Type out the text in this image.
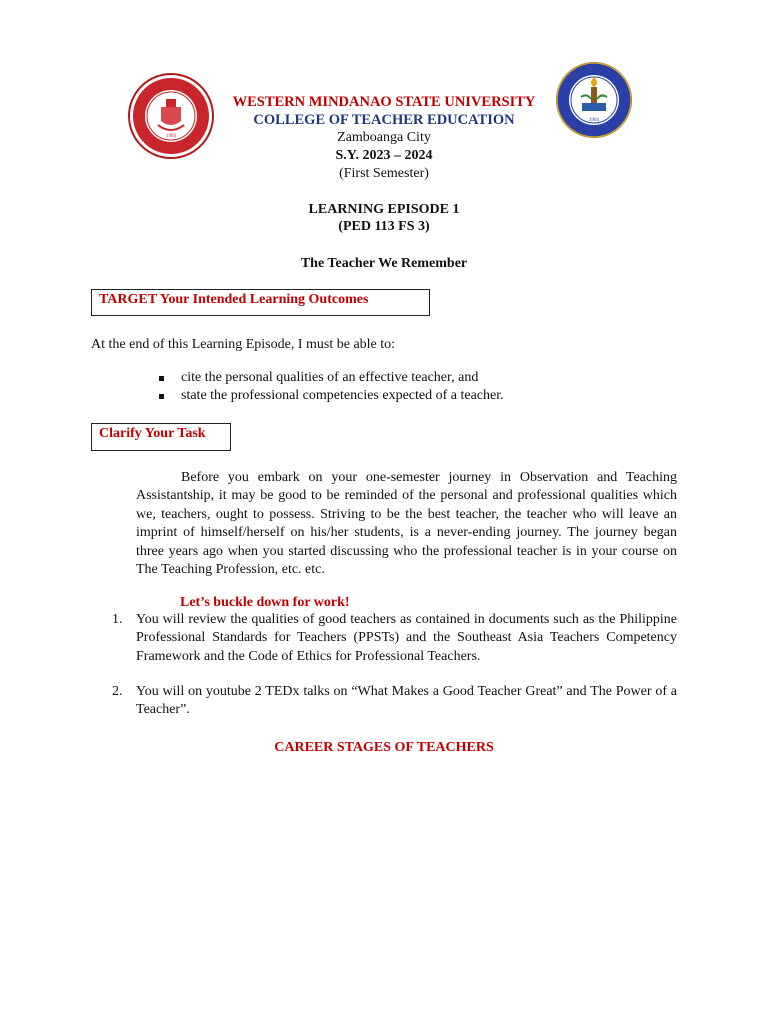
1904
1904
WESTERN MINDANAO STATE UNIVERSITY
COLLEGE OF TEACHER EDUCATION
Zamboanga City
S.Y. 2023 – 2024
(First Semester)
LEARNING EPISODE 1
(PED 113 FS 3)
The Teacher We Remember
TARGET Your Intended Learning Outcomes
At the end of this Learning Episode, I must be able to:
cite the personal qualities of an effective teacher, and
state the professional competencies expected of a teacher.
Clarify Your Task
Before you embark on your one-semester journey in Observation and Teaching Assistantship, it may be good to be reminded of the personal and professional qualities which we, teachers, ought to possess. Striving to be the best teacher, the teacher who will leave an imprint of himself/herself on his/her students, is a never-ending journey. The journey began three years ago when you started discussing who the professional teacher is in your course on The Teaching Profession, etc. etc.
Let’s buckle down for work!
1. You will review the qualities of good teachers as contained in documents such as the Philippine Professional Standards for Teachers (PPSTs) and the Southeast Asia Teachers Competency Framework and the Code of Ethics for Professional Teachers.
2. You will on youtube 2 TEDx talks on “What Makes a Good Teacher Great” and The Power of a Teacher”.
CAREER STAGES OF TEACHERS
